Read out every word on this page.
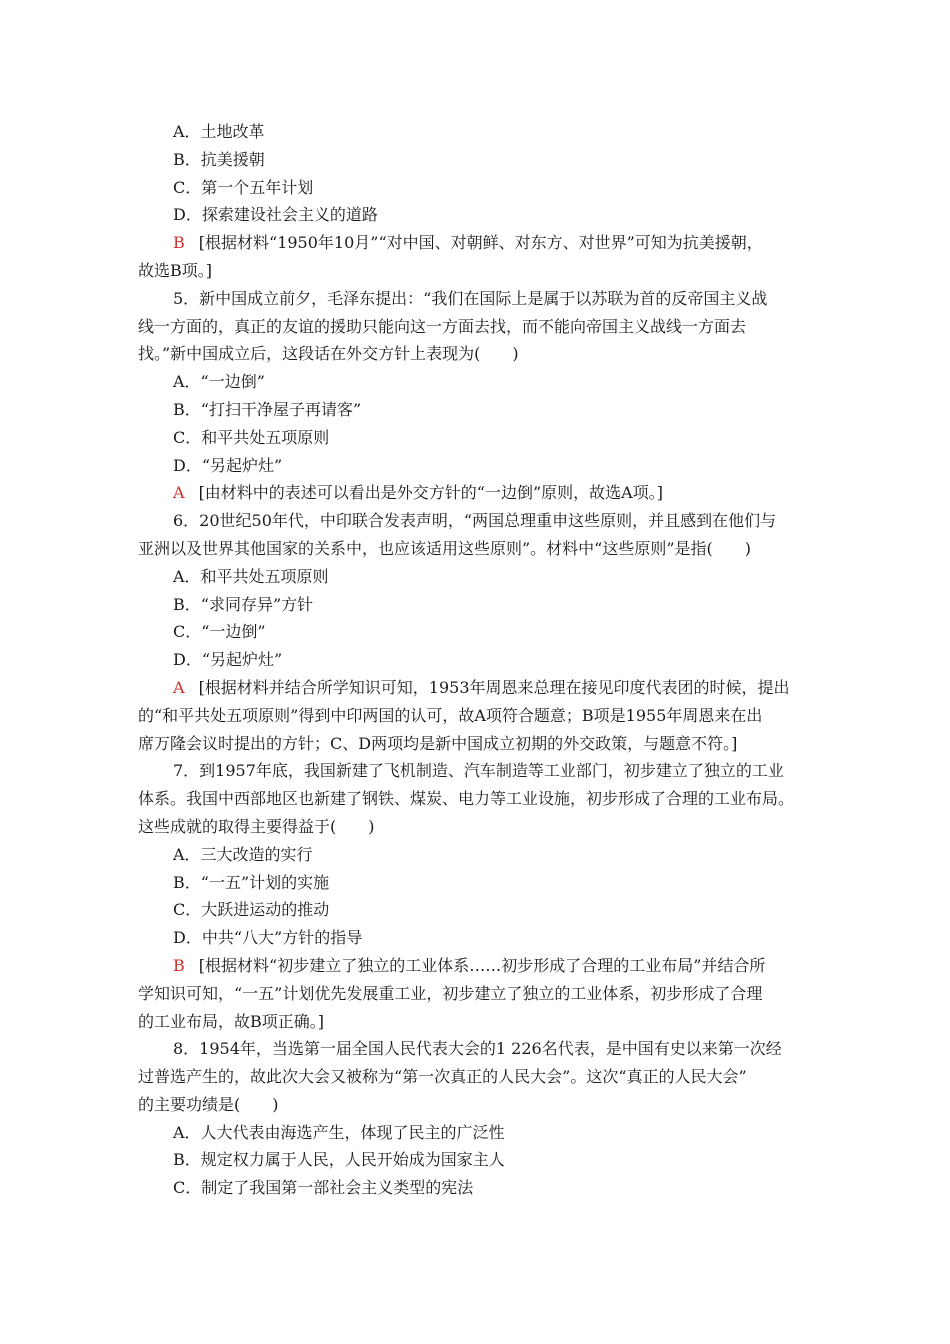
A．土地改革
B．抗美援朝
C．第一个五年计划
D．探索建设社会主义的道路
B [根据材料“1950年10月”“对中国、对朝鲜、对东方、对世界”可知为抗美援朝，
故选B项。]
5．新中国成立前夕，毛泽东提出：“我们在国际上是属于以苏联为首的反帝国主义战
线一方面的，真正的友谊的援助只能向这一方面去找，而不能向帝国主义战线一方面去
找。”新中国成立后，这段话在外交方针上表现为(　　)
A．“一边倒”
B．“打扫干净屋子再请客”
C．和平共处五项原则
D．“另起炉灶”
A [由材料中的表述可以看出是外交方针的“一边倒”原则，故选A项。]
6．20世纪50年代，中印联合发表声明，“两国总理重申这些原则，并且感到在他们与
亚洲以及世界其他国家的关系中，也应该适用这些原则”。材料中“这些原则”是指(　　)
A．和平共处五项原则
B．“求同存异”方针
C．“一边倒”
D．“另起炉灶”
A [根据材料并结合所学知识可知，1953年周恩来总理在接见印度代表团的时候，提出
的“和平共处五项原则”得到中印两国的认可，故A项符合题意；B项是1955年周恩来在出
席万隆会议时提出的方针；C、D两项均是新中国成立初期的外交政策，与题意不符。]
7．到1957年底，我国新建了飞机制造、汽车制造等工业部门，初步建立了独立的工业
体系。我国中西部地区也新建了钢铁、煤炭、电力等工业设施，初步形成了合理的工业布局。
这些成就的取得主要得益于(　　)
A．三大改造的实行
B．“一五”计划的实施
C．大跃进运动的推动
D．中共“八大”方针的指导
B [根据材料“初步建立了独立的工业体系……初步形成了合理的工业布局”并结合所
学知识可知，“一五”计划优先发展重工业，初步建立了独立的工业体系，初步形成了合理
的工业布局，故B项正确。]
8．1954年，当选第一届全国人民代表大会的1 226名代表，是中国有史以来第一次经
过普选产生的，故此次大会又被称为“第一次真正的人民大会”。这次“真正的人民大会”
的主要功绩是(　　)
A．人大代表由海选产生，体现了民主的广泛性
B．规定权力属于人民，人民开始成为国家主人
C．制定了我国第一部社会主义类型的宪法
